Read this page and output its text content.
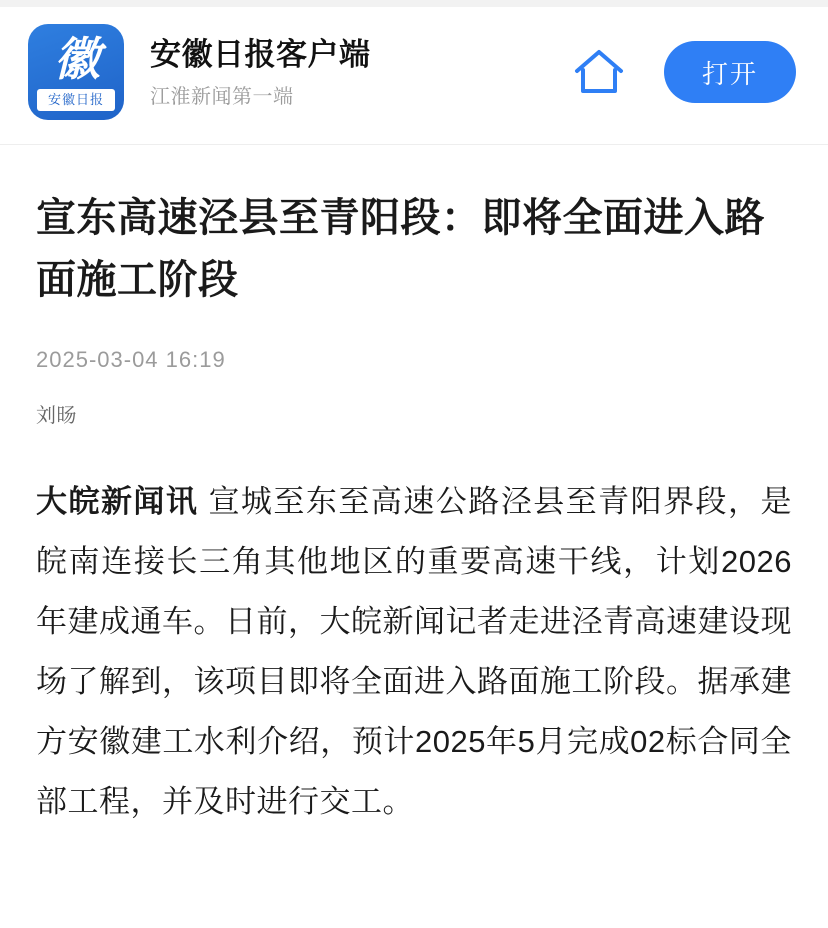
徽
安徽日报
安徽日报客户端
江淮新闻第一端
打开
宣东高速泾县至青阳段：即将全面进入路面施工阶段
2025-03-04 16:19
刘旸

大皖新闻讯 宣城至东至高速公路泾县至青阳界段，是皖南连接长三角其他地区的重要高速干线，计划2026年建成通车。日前，大皖新闻记者走进泾青高速建设现场了解到，该项目即将全面进入路面施工阶段。据承建方安徽建工水利介绍，预计2025年5月完成02标合同全部工程，并及时进行交工。
